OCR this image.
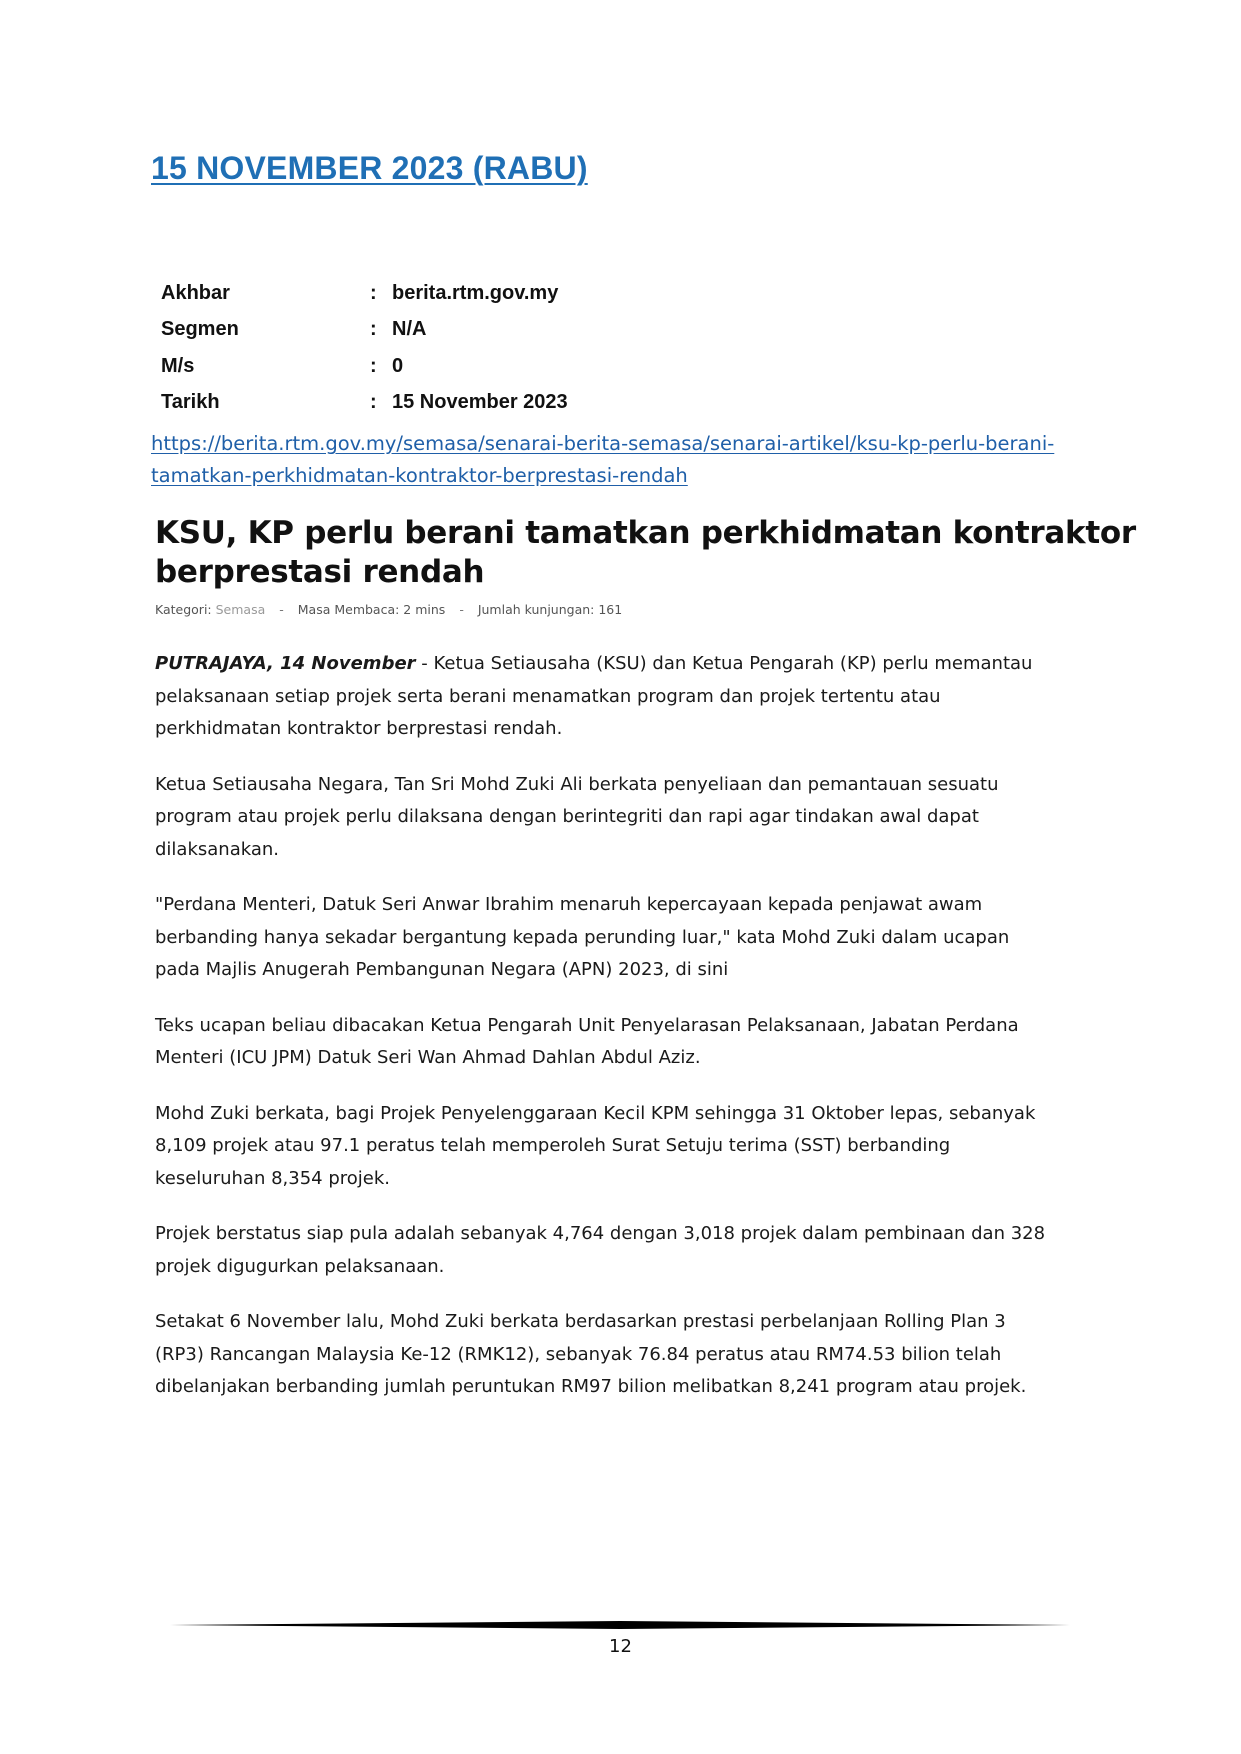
15 NOVEMBER 2023 (RABU)
Akhbar	:	berita.rtm.gov.my
Segmen	:	N/A
M/s	:	0
Tarikh	:	15 November 2023
https://berita.rtm.gov.my/semasa/senarai-berita-semasa/senarai-artikel/ksu-kp-perlu-berani-
tamatkan-perkhidmatan-kontraktor-berprestasi-rendah
KSU, KP perlu berani tamatkan perkhidmatan kontraktor
berprestasi rendah
Kategori: Semasa - Masa Membaca: 2 mins - Jumlah kunjungan: 161

PUTRAJAYA, 14 November - Ketua Setiausaha (KSU) dan Ketua Pengarah (KP) perlu memantau
pelaksanaan setiap projek serta berani menamatkan program dan projek tertentu atau
perkhidmatan kontraktor berprestasi rendah.

Ketua Setiausaha Negara, Tan Sri Mohd Zuki Ali berkata penyeliaan dan pemantauan sesuatu
program atau projek perlu dilaksana dengan berintegriti dan rapi agar tindakan awal dapat
dilaksanakan.

"Perdana Menteri, Datuk Seri Anwar Ibrahim menaruh kepercayaan kepada penjawat awam
berbanding hanya sekadar bergantung kepada perunding luar," kata Mohd Zuki dalam ucapan
pada Majlis Anugerah Pembangunan Negara (APN) 2023, di sini

Teks ucapan beliau dibacakan Ketua Pengarah Unit Penyelarasan Pelaksanaan, Jabatan Perdana
Menteri (ICU JPM) Datuk Seri Wan Ahmad Dahlan Abdul Aziz.

Mohd Zuki berkata, bagi Projek Penyelenggaraan Kecil KPM sehingga 31 Oktober lepas, sebanyak
8,109 projek atau 97.1 peratus telah memperoleh Surat Setuju terima (SST) berbanding
keseluruhan 8,354 projek.

Projek berstatus siap pula adalah sebanyak 4,764 dengan 3,018 projek dalam pembinaan dan 328
projek digugurkan pelaksanaan.

Setakat 6 November lalu, Mohd Zuki berkata berdasarkan prestasi perbelanjaan Rolling Plan 3
(RP3) Rancangan Malaysia Ke-12 (RMK12), sebanyak 76.84 peratus atau RM74.53 bilion telah
dibelanjakan berbanding jumlah peruntukan RM97 bilion melibatkan 8,241 program atau projek.

12
